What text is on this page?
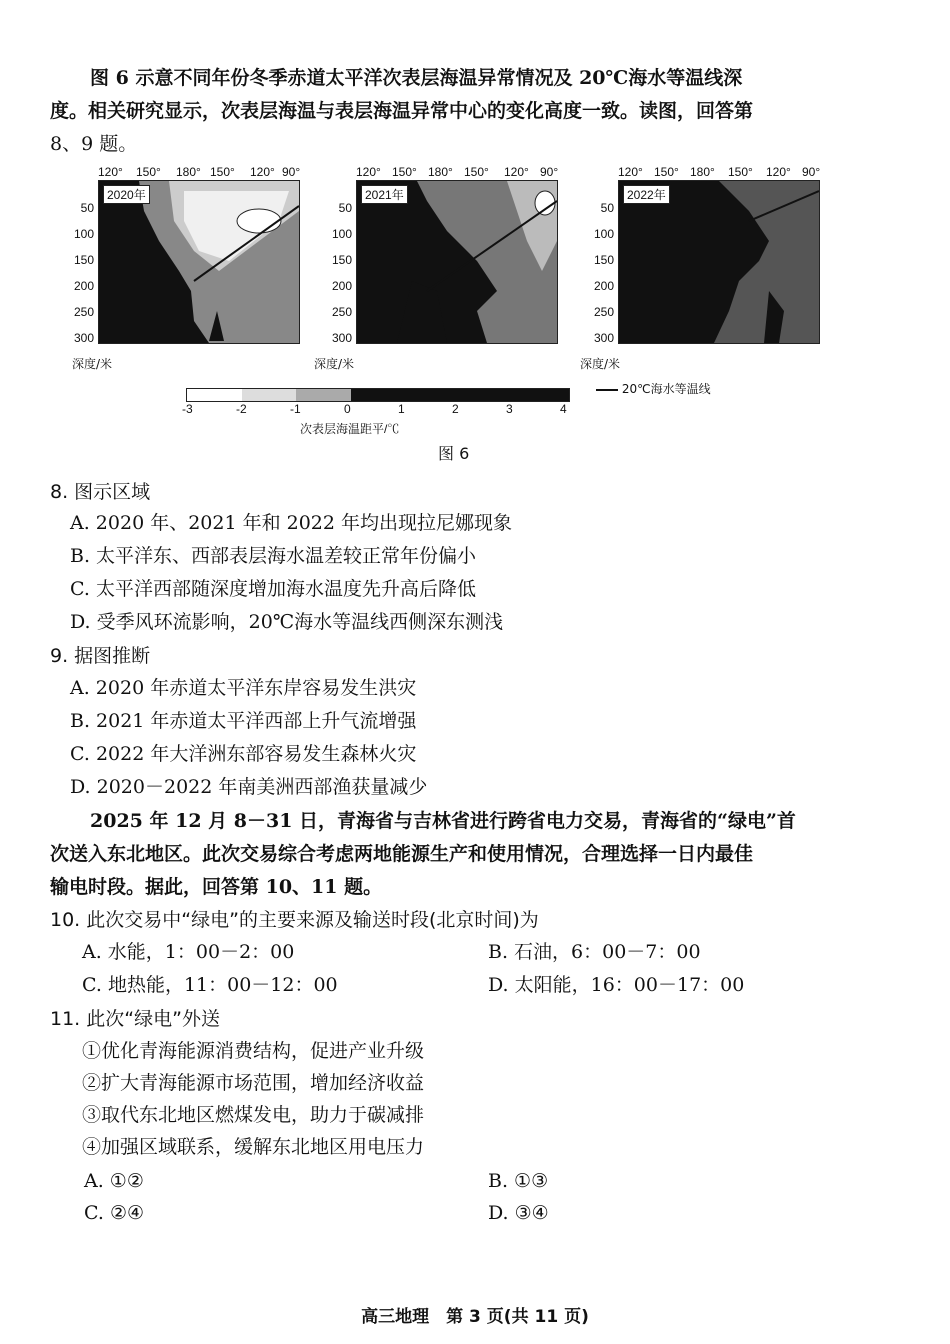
图 6 示意不同年份冬季赤道太平洋次表层海温异常情况及 20℃海水等温线深
度。相关研究显示，次表层海温与表层海温异常中心的变化高度一致。读图，回答第
8、9 题。
120° 150° 180° 150° 120° 90°
50
100
150
200
250
300
2020年
深度/米
120° 150° 180° 150° 120° 90°
50
100
150
200
250
300
2021年
深度/米
120° 150° 180° 150° 120° 90°
50
100
150
200
250
300
2022年
深度/米
-3	-2	-1	0	1	2	3	4
次表层海温距平/℃
20℃海水等温线
图 6
8. 图示区域
A. 2020 年、2021 年和 2022 年均出现拉尼娜现象
B. 太平洋东、西部表层海水温差较正常年份偏小
C. 太平洋西部随深度增加海水温度先升高后降低
D. 受季风环流影响，20℃海水等温线西侧深东测浅
9. 据图推断
A. 2020 年赤道太平洋东岸容易发生洪灾
B. 2021 年赤道太平洋西部上升气流增强
C. 2022 年大洋洲东部容易发生森林火灾
D. 2020－2022 年南美洲西部渔获量减少
2025 年 12 月 8－31 日，青海省与吉林省进行跨省电力交易，青海省的“绿电”首
次送入东北地区。此次交易综合考虑两地能源生产和使用情况，合理选择一日内最佳
输电时段。据此，回答第 10、11 题。
10. 此次交易中“绿电”的主要来源及输送时段(北京时间)为
A. 水能，1：00－2：00	B. 石油，6：00－7：00
C. 地热能，11：00－12：00	D. 太阳能，16：00－17：00
11. 此次“绿电”外送
①优化青海能源消费结构，促进产业升级
②扩大青海能源市场范围，增加经济收益
③取代东北地区燃煤发电，助力于碳减排
④加强区域联系，缓解东北地区用电压力
A. ①②	B. ①③
C. ②④	D. ③④
高三地理　第 3 页(共 11 页)
